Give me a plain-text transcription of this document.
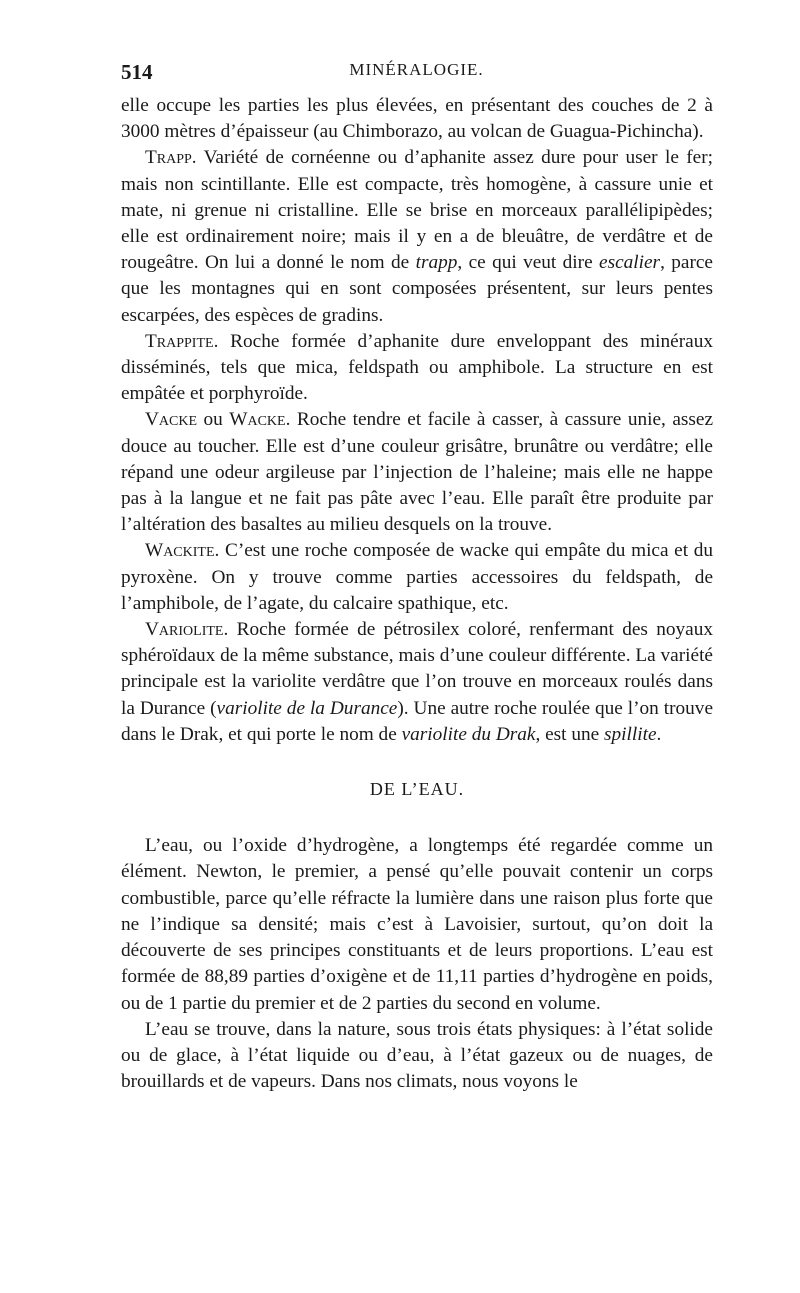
514	MINÉRALOGIE.

elle occupe les parties les plus élevées, en présentant des couches de 2 à 3000 mètres d’épaisseur (au Chimborazo, au volcan de Guagua-Pichincha).

Trapp. Variété de cornéenne ou d’aphanite assez dure pour user le fer; mais non scintillante. Elle est compacte, très homogène, à cassure unie et mate, ni grenue ni cristalline. Elle se brise en morceaux parallélipipèdes; elle est ordinairement noire; mais il y en a de bleuâtre, de verdâtre et de rougeâtre. On lui a donné le nom de trapp, ce qui veut dire escalier, parce que les montagnes qui en sont composées présentent, sur leurs pentes escarpées, des espèces de gradins.

Trappite. Roche formée d’aphanite dure enveloppant des minéraux disséminés, tels que mica, feldspath ou amphibole. La structure en est empâtée et porphyroïde.

Vacke ou Wacke. Roche tendre et facile à casser, à cassure unie, assez douce au toucher. Elle est d’une couleur grisâtre, brunâtre ou verdâtre; elle répand une odeur argileuse par l’injection de l’haleine; mais elle ne happe pas à la langue et ne fait pas pâte avec l’eau. Elle paraît être produite par l’altération des basaltes au milieu desquels on la trouve.

Wackite. C’est une roche composée de wacke qui empâte du mica et du pyroxène. On y trouve comme parties accessoires du feldspath, de l’amphibole, de l’agate, du calcaire spathique, etc.

Variolite. Roche formée de pétrosilex coloré, renfermant des noyaux sphéroïdaux de la même substance, mais d’une couleur différente. La variété principale est la variolite verdâtre que l’on trouve en morceaux roulés dans la Durance (variolite de la Durance). Une autre roche roulée que l’on trouve dans le Drak, et qui porte le nom de variolite du Drak, est une spillite.

DE L’EAU.

L’eau, ou l’oxide d’hydrogène, a longtemps été regardée comme un élément. Newton, le premier, a pensé qu’elle pouvait contenir un corps combustible, parce qu’elle réfracte la lumière dans une raison plus forte que ne l’indique sa densité; mais c’est à Lavoisier, surtout, qu’on doit la découverte de ses principes constituants et de leurs proportions. L’eau est formée de 88,89 parties d’oxigène et de 11,11 parties d’hydrogène en poids, ou de 1 partie du premier et de 2 parties du second en volume.

L’eau se trouve, dans la nature, sous trois états physiques: à l’état solide ou de glace, à l’état liquide ou d’eau, à l’état gazeux ou de nuages, de brouillards et de vapeurs. Dans nos climats, nous voyons le
